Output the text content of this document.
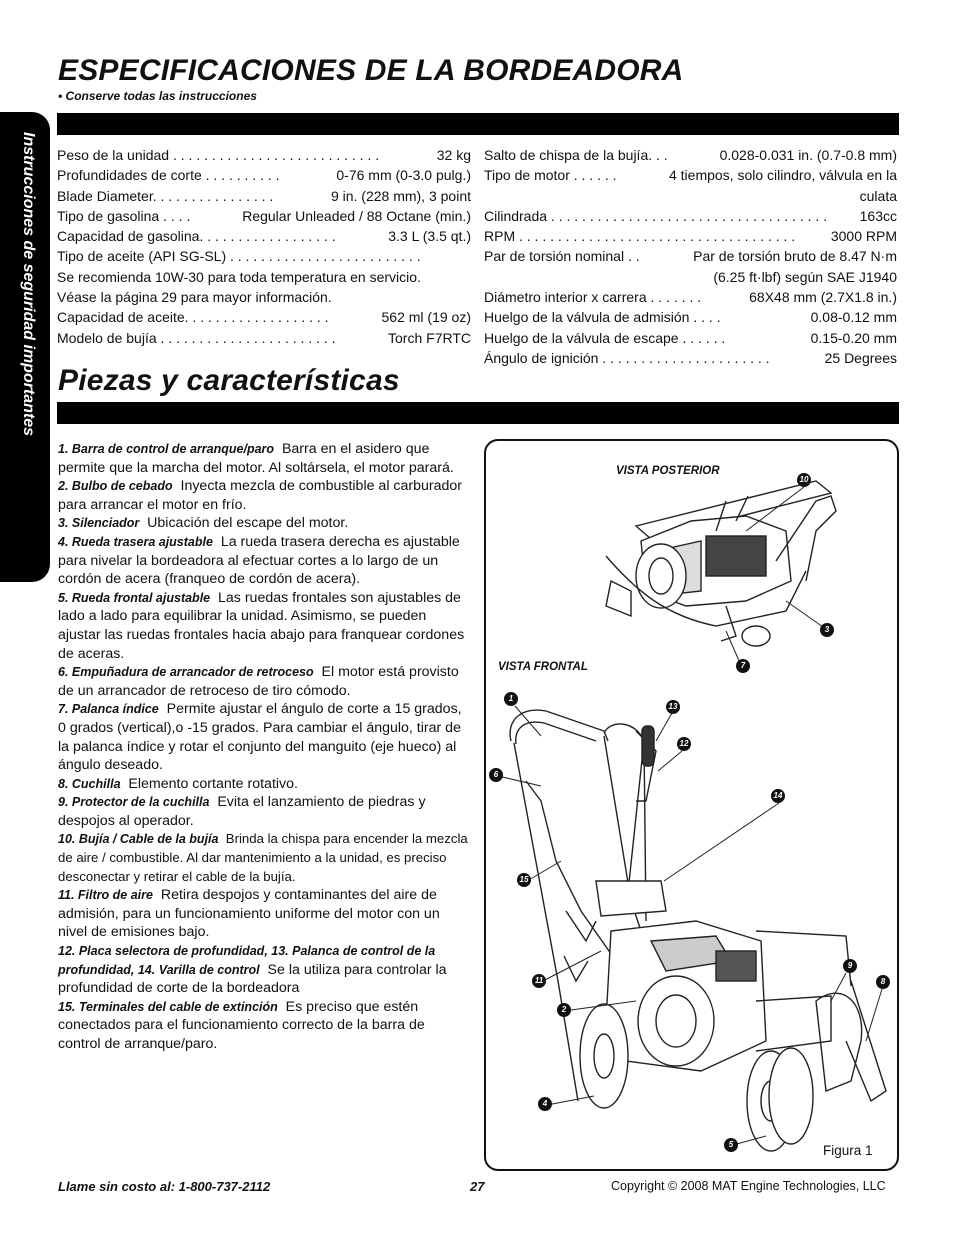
ESPECIFICACIONES DE LA BORDEADORA
• Conserve todas las instrucciones
Instrucciones de seguridad importantes Peso de la unidad . . . . . . . . . . . . . . . . . . . . . . . . . . .	32 kg
Profundidades de corte . . . . . . . . . .	0-76 mm (0-3.0 pulg.)
Blade Diameter. . . . . . . . . . . . . . . .	9 in. (228 mm), 3 point
Tipo de gasolina . . . .	Regular Unleaded / 88 Octane (min.)
Capacidad de gasolina. . . . . . . . . . . . . . . . . .	3.3 L (3.5 qt.)
Tipo de aceite (API SG-SL) . . . . . . . . . . . . . . . . . . . . . . . . .
Se recomienda 10W-30 para toda temperatura en servicio.
Véase la página 29 para mayor información.
Capacidad de aceite. . . . . . . . . . . . . . . . . . .	562 ml (19 oz)
Modelo de bujía . . . . . . . . . . . . . . . . . . . . . . .	Torch F7RTC
Salto de chispa de la bujía. . .	0.028-0.031 in. (0.7-0.8 mm)
Tipo de motor . . . . . .	4 tiempos, solo cilindro, válvula en la
culata
Cilindrada . . . . . . . . . . . . . . . . . . . . . . . . . . . . . . . . . . . .	163cc
RPM . . . . . . . . . . . . . . . . . . . . . . . . . . . . . . . . . . . .	3000 RPM
Par de torsión nominal . .	Par de torsión bruto de 8.47 N·m
(6.25 ft·lbf) según SAE J1940
Diámetro interior x carrera . . . . . . .	68X48 mm (2.7X1.8 in.)
Huelgo de la válvula de admisión . . . .	0.08-0.12 mm
Huelgo de la válvula de escape . . . . . .	0.15-0.20 mm
Ángulo de ignición . . . . . . . . . . . . . . . . . . . . . .	25 Degrees
Piezas y características

1. Barra de control de arranque/paro Barra en el asidero que permite que la marcha del motor. Al soltársela, el motor parará.

2. Bulbo de cebado Inyecta mezcla de combustible al carburador para arrancar el motor en frío.

3. Silenciador Ubicación del escape del motor.

4. Rueda trasera ajustable La rueda trasera derecha es ajustable para nivelar la bordeadora al efectuar cortes a lo largo de un cordón de acera (franqueo de cordón de acera).

5. Rueda frontal ajustable Las ruedas frontales son ajustables de lado a lado para equilibrar la unidad. Asimismo, se pueden ajustar las ruedas frontales hacia abajo para franquear cordones de aceras.

6. Empuñadura de arrancador de retroceso El motor está provisto de un arrancador de retroceso de tiro cómodo.

7. Palanca índice Permite ajustar el ángulo de corte a 15 grados, 0 grados (vertical),o -15 grados. Para cambiar el ángulo, tirar de la palanca índice y rotar el conjunto del manguito (eje hueco) al ángulo deseado.

8. Cuchilla Elemento cortante rotativo.

9. Protector de la cuchilla Evita el lanzamiento de piedras y despojos al operador.

10. Bujía / Cable de la bujía Brinda la chispa para encender la mezcla de aire / combustible. Al dar mantenimiento a la unidad, es preciso desconectar y retirar el cable de la bujía.

11. Filtro de aire Retira despojos y contaminantes del aire de admisión, para un funcionamiento uniforme del motor con un nivel de emisiones bajo.

12. Placa selectora de profundidad, 13. Palanca de control de la profundidad, 14. Varilla de control Se la utiliza para controlar la profundidad de corte de la bordeadora

15. Terminales del cable de extinción Es preciso que estén conectados para el funcionamiento correcto de la barra de control de arranque/paro.

VISTA POSTERIOR
VISTA FRONTAL
10
3
7
1
13
12
6
14
15
9
8
11
2
4
5	Figura 1
Llame sin costo al: 1-800-737-2112	27	Copyright © 2008 MAT Engine Technologies, LLC
